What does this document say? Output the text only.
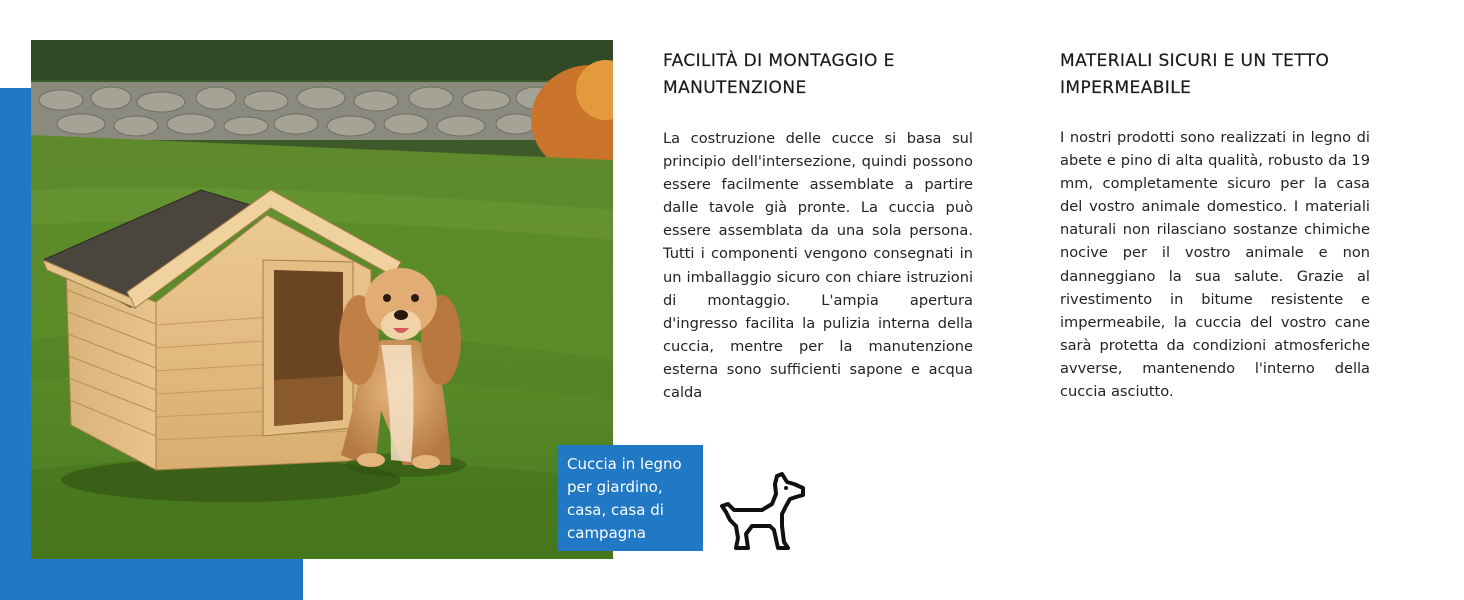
Cuccia in legno per giardino, casa, casa di campagna
FACILITÀ DI MONTAGGIO E MANUTENZIONE

La costruzione delle cucce si basa sul principio dell'intersezione, quindi possono essere facilmente assemblate a partire dalle tavole già pronte. La cuccia può essere assemblata da una sola persona. Tutti i componenti vengono consegnati in un imballaggio sicuro con chiare istruzioni di montaggio. L'ampia apertura d'ingresso facilita la pulizia interna della cuccia, mentre per la manutenzione esterna sono sufficienti sapone e acqua calda

MATERIALI SICURI E UN TETTO IMPERMEABILE

I nostri prodotti sono realizzati in legno di abete e pino di alta qualità, robusto da 19 mm, completamente sicuro per la casa del vostro animale domestico. I materiali naturali non rilasciano sostanze chimiche nocive per il vostro animale e non danneggiano la sua salute. Grazie al rivestimento in bitume resistente e impermeabile, la cuccia del vostro cane sarà protetta da condizioni atmosferiche avverse, mantenendo l'interno della cuccia asciutto.
